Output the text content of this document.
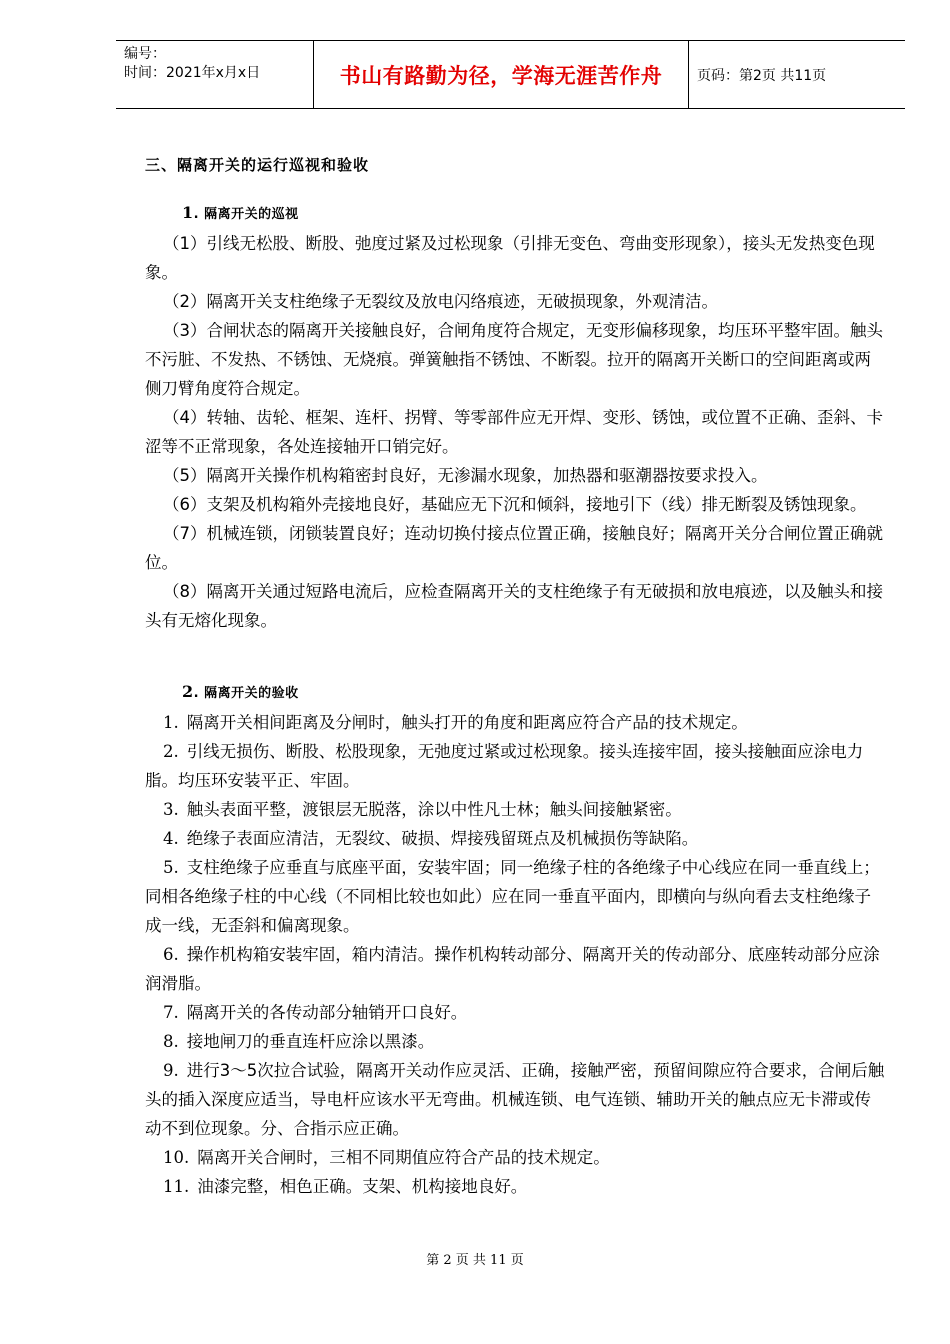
编号：
时间：2021年x月x日	书山有路勤为径，学海无涯苦作舟	页码：第2页 共11页
三、隔离开关的运行巡视和验收
1. 隔离开关的巡视

（1）引线无松股、断股、弛度过紧及过松现象（引排无变色、弯曲变形现象），接头无发热变色现象。

（2）隔离开关支柱绝缘子无裂纹及放电闪络痕迹，无破损现象，外观清洁。

（3）合闸状态的隔离开关接触良好，合闸角度符合规定，无变形偏移现象，均压环平整牢固。触头不污脏、不发热、不锈蚀、无烧痕。弹簧触指不锈蚀、不断裂。拉开的隔离开关断口的空间距离或两侧刀臂角度符合规定。

（4）转轴、齿轮、框架、连杆、拐臂、等零部件应无开焊、变形、锈蚀，或位置不正确、歪斜、卡涩等不正常现象，各处连接轴开口销完好。

（5）隔离开关操作机构箱密封良好，无渗漏水现象，加热器和驱潮器按要求投入。

（6）支架及机构箱外壳接地良好，基础应无下沉和倾斜，接地引下（线）排无断裂及锈蚀现象。

（7）机械连锁，闭锁装置良好；连动切换付接点位置正确，接触良好；隔离开关分合闸位置正确就位。

（8）隔离开关通过短路电流后，应检查隔离开关的支柱绝缘子有无破损和放电痕迹，以及触头和接头有无熔化现象。

2. 隔离开关的验收

1. 隔离开关相间距离及分闸时，触头打开的角度和距离应符合产品的技术规定。

2. 引线无损伤、断股、松股现象，无弛度过紧或过松现象。接头连接牢固，接头接触面应涂电力脂。均压环安装平正、牢固。

3. 触头表面平整，渡银层无脱落，涂以中性凡士林；触头间接触紧密。

4. 绝缘子表面应清洁，无裂纹、破损、焊接残留斑点及机械损伤等缺陷。

5. 支柱绝缘子应垂直与底座平面，安装牢固；同一绝缘子柱的各绝缘子中心线应在同一垂直线上；同相各绝缘子柱的中心线（不同相比较也如此）应在同一垂直平面内，即横向与纵向看去支柱绝缘子成一线，无歪斜和偏离现象。

6. 操作机构箱安装牢固，箱内清洁。操作机构转动部分、隔离开关的传动部分、底座转动部分应涂润滑脂。

7. 隔离开关的各传动部分轴销开口良好。

8. 接地闸刀的垂直连杆应涂以黑漆。

9. 进行3～5次拉合试验，隔离开关动作应灵活、正确，接触严密，预留间隙应符合要求，合闸后触头的插入深度应适当，导电杆应该水平无弯曲。机械连锁、电气连锁、辅助开关的触点应无卡滞或传动不到位现象。分、合指示应正确。

10. 隔离开关合闸时，三相不同期值应符合产品的技术规定。

11. 油漆完整，相色正确。支架、机构接地良好。

第 2 页 共 11 页
